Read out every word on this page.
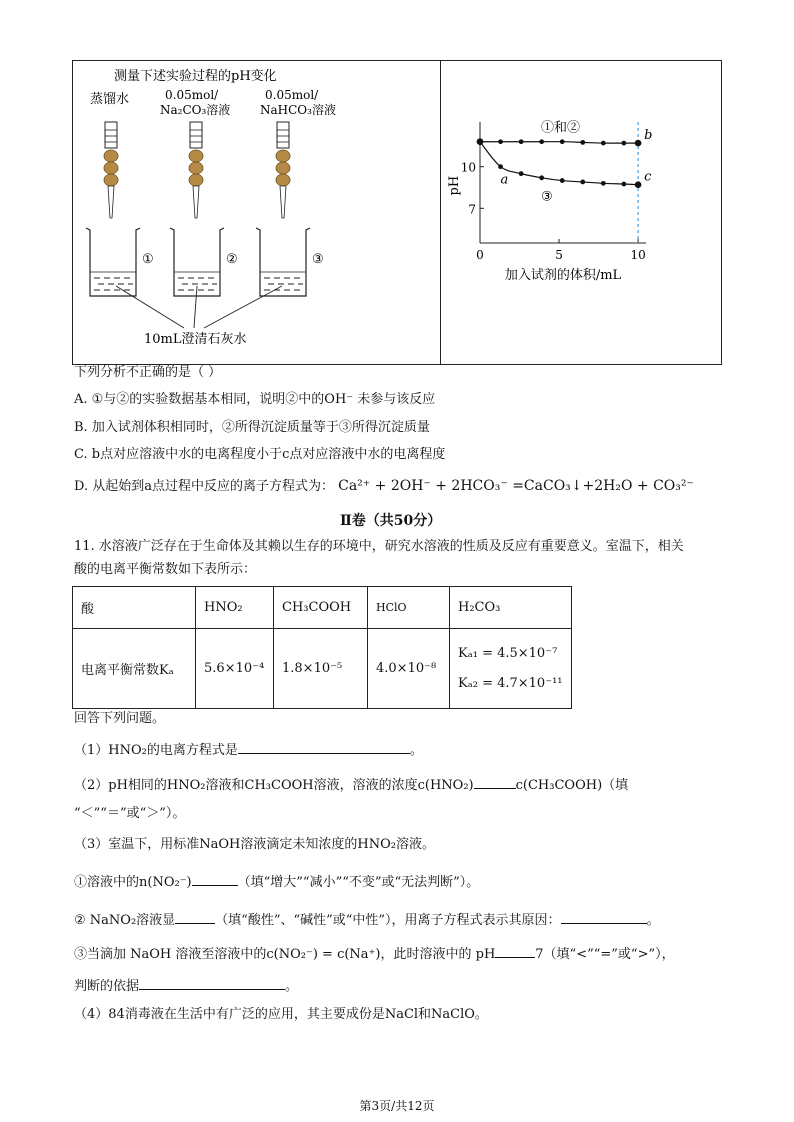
测量下述实验过程的pH变化
蒸馏水	0.05mol/
Na₂CO₃溶液
0.05mol/
NaHCO₃溶液
①	②	③
10mL澄清石灰水
①和②
③
a
b
c
0	5	10
7
10
pH
加入试剂的体积/mL
下列分析不正确的是（ ）
A. ①与②的实验数据基本相同，说明②中的OH⁻ 未参与该反应
B. 加入试剂体积相同时，②所得沉淀质量等于③所得沉淀质量
C. b点对应溶液中水的电离程度小于c点对应溶液中水的电离程度
D. 从起始到a点过程中反应的离子方程式为： Ca²⁺ + 2OH⁻ + 2HCO₃⁻ =CaCO₃↓+2H₂O + CO₃²⁻
Ⅱ卷（共50分）
11. 水溶液广泛存在于生命体及其赖以生存的环境中，研究水溶液的性质及反应有重要意义。室温下，相关
酸的电离平衡常数如下表所示：
酸	HNO₂	CH₃COOH	HClO	H₂CO₃
电离平衡常数Kₐ	5.6×10⁻⁴	1.8×10⁻⁵	4.0×10⁻⁸	Kₐ₁ = 4.5×10⁻⁷
Kₐ₂ = 4.7×10⁻¹¹
回答下列问题。
（1）HNO₂的电离方程式是	。
（2）pH相同的HNO₂溶液和CH₃COOH溶液，溶液的浓度c(HNO₂)	c(CH₃COOH)（填
“＜”“＝”或“＞”）。
（3）室温下，用标准NaOH溶液滴定未知浓度的HNO₂溶液。
①溶液中的n(NO₂⁻)	（填“增大”“减小”“不变”或“无法判断”）。
② NaNO₂溶液显	（填“酸性”、“碱性”或“中性”），用离子方程式表示其原因：	。
③当滴加 NaOH 溶液至溶液中的c(NO₂⁻) = c(Na⁺)，此时溶液中的 pH	7（填“<”“=”或“>”），
判断的依据	。
（4）84消毒液在生活中有广泛的应用，其主要成份是NaCl和NaClO。
第3页/共12页
